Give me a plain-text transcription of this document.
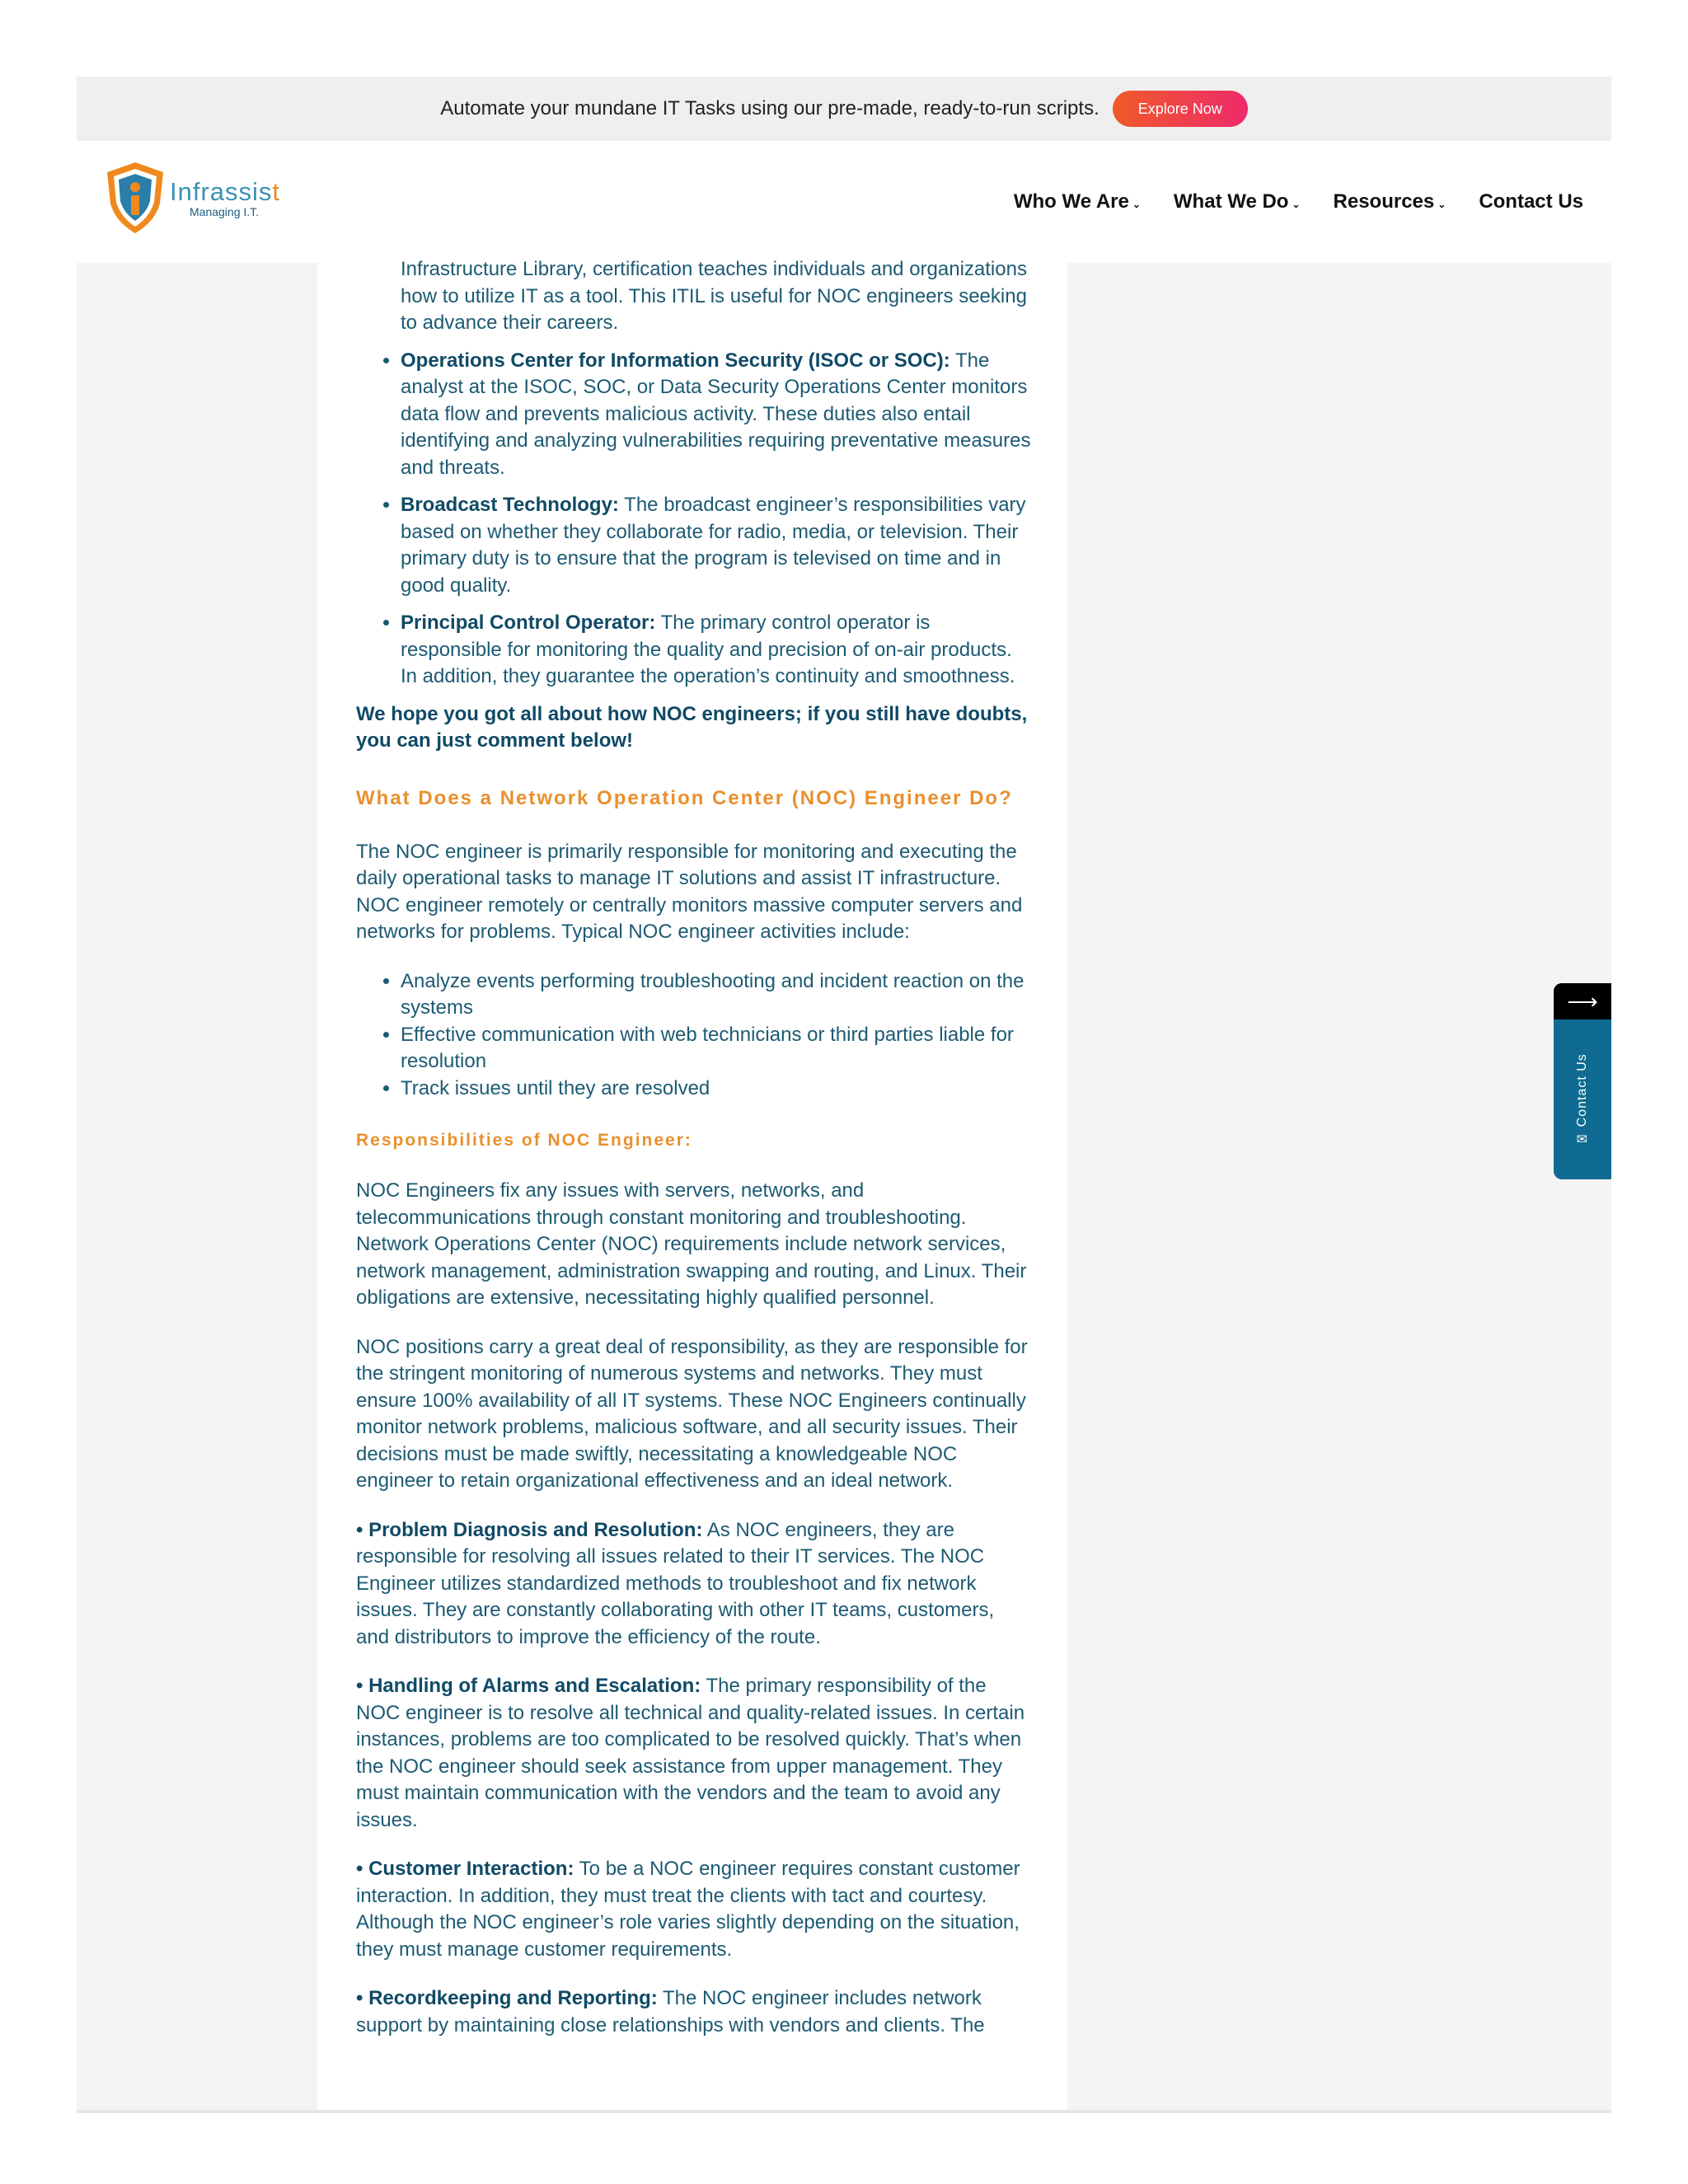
Automate your mundane IT Tasks using our pre-made, ready-to-run scripts.	Explore Now
Infrassist
Managing I.T.	Who We Are ⌄ What We Do ⌄ Resources ⌄ Contact Us
Infrastructure Library, certification teaches individuals and organizations how to utilize IT as a tool. This ITIL is useful for NOC engineers seeking to advance their careers.
• Operations Center for Information Security (ISOC or SOC): The analyst at the ISOC, SOC, or Data Security Operations Center monitors data flow and prevents malicious activity. These duties also entail identifying and analyzing vulnerabilities requiring preventative measures and threats.
• Broadcast Technology: The broadcast engineer’s responsibilities vary based on whether they collaborate for radio, media, or television. Their primary duty is to ensure that the program is televised on time and in good quality.
• Principal Control Operator: The primary control operator is responsible for monitoring the quality and precision of on-air products. In addition, they guarantee the operation’s continuity and smoothness.

We hope you got all about how NOC engineers; if you still have doubts, you can just comment below!

What Does a Network Operation Center (NOC) Engineer Do?

The NOC engineer is primarily responsible for monitoring and executing the daily operational tasks to manage IT solutions and assist IT infrastructure. NOC engineer remotely or centrally monitors massive computer servers and networks for problems. Typical NOC engineer activities include:

• Analyze events performing troubleshooting and incident reaction on the systems
• Effective communication with web technicians or third parties liable for resolution
• Track issues until they are resolved
Responsibilities of NOC Engineer:

NOC Engineers fix any issues with servers, networks, and telecommunications through constant monitoring and troubleshooting. Network Operations Center (NOC) requirements include network services, network management, administration swapping and routing, and Linux. Their obligations are extensive, necessitating highly qualified personnel.

NOC positions carry a great deal of responsibility, as they are responsible for the stringent monitoring of numerous systems and networks. They must ensure 100% availability of all IT systems. These NOC Engineers continually monitor network problems, malicious software, and all security issues. Their decisions must be made swiftly, necessitating a knowledgeable NOC engineer to retain organizational effectiveness and an ideal network.

• Problem Diagnosis and Resolution: As NOC engineers, they are responsible for resolving all issues related to their IT services. The NOC Engineer utilizes standardized methods to troubleshoot and fix network issues. They are constantly collaborating with other IT teams, customers, and distributors to improve the efficiency of the route.

• Handling of Alarms and Escalation: The primary responsibility of the NOC engineer is to resolve all technical and quality-related issues. In certain instances, problems are too complicated to be resolved quickly. That’s when the NOC engineer should seek assistance from upper management. They must maintain communication with the vendors and the team to avoid any issues.

• Customer Interaction: To be a NOC engineer requires constant customer interaction. In addition, they must treat the clients with tact and courtesy. Although the NOC engineer’s role varies slightly depending on the situation, they must manage customer requirements.

• Recordkeeping and Reporting: The NOC engineer includes network support by maintaining close relationships with vendors and clients. The

⟶
✉
Contact Us
